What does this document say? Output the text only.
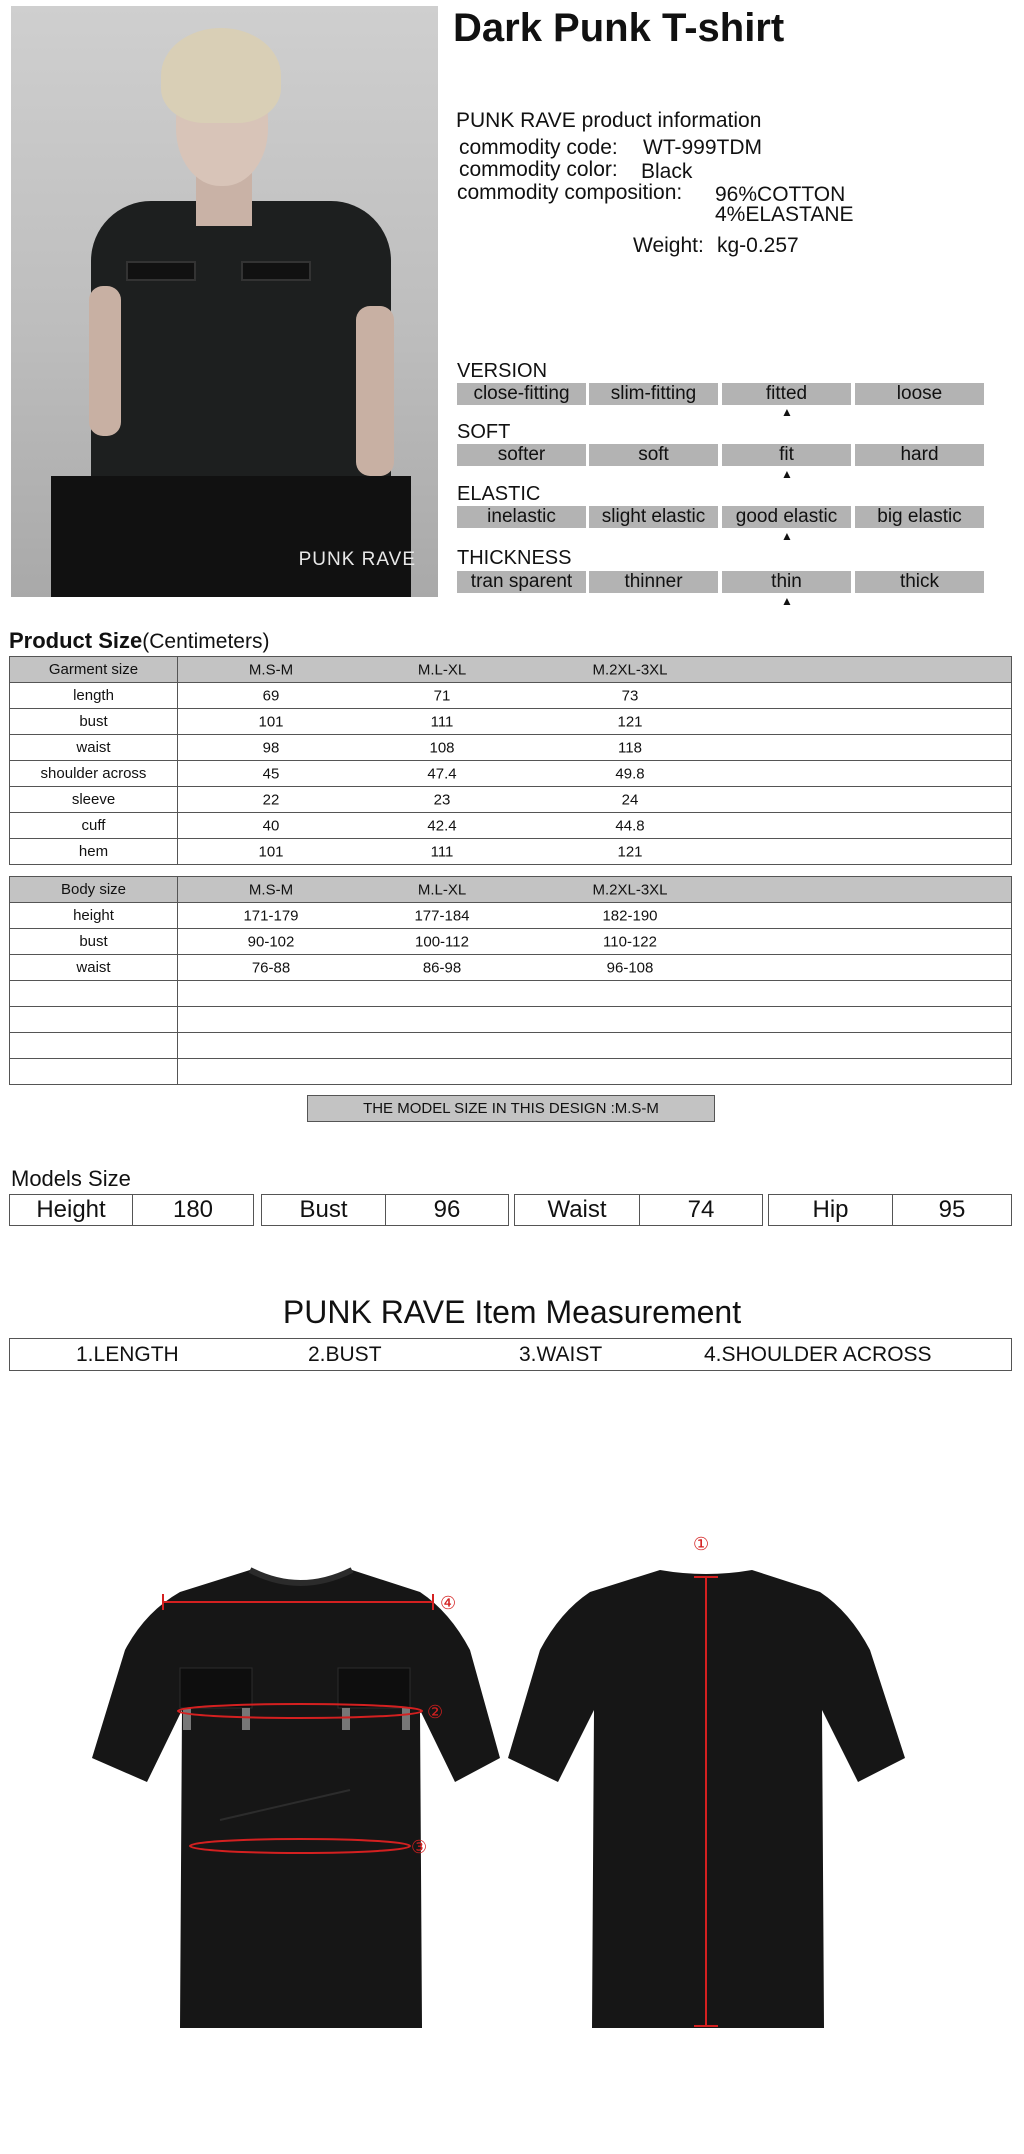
PUNK RAVE
Dark Punk T-shirt
PUNK RAVE product information
commodity code: WT-999TDM
commodity color: Black
commodity composition: 96%COTTON
4%ELASTANE
Weight: kg-0.257
VERSION
close-fitting	slim-fitting	fitted	loose
▲
SOFT
softer	soft	fit	hard
▲
ELASTIC
inelastic	slight elastic	good elastic	big elastic
▲
THICKNESS
tran sparent	thinner	thin	thick
▲
Product Size(Centimeters)
Garment size	M.S-M M.L-XL M.2XL-3XL

length	69 71 73

bust	101 111 121

waist	98 108 118

shoulder across	45 47.4 49.8

sleeve	22 23 24

cuff	40 42.4 44.8

hem	101 111 121
Body size	M.S-M M.L-XL M.2XL-3XL

height	171-179 177-184 182-190

bust	90-102 100-112 110-122

waist	76-88 86-98 96-108

THE MODEL SIZE IN THIS DESIGN :M.S-M
Models Size
Height	180	Bust	96	Waist	74	Hip	95
PUNK RAVE Item Measurement
1.LENGTH	2.BUST	3.WAIST	4.SHOULDER ACROSS
④
②
③
①
